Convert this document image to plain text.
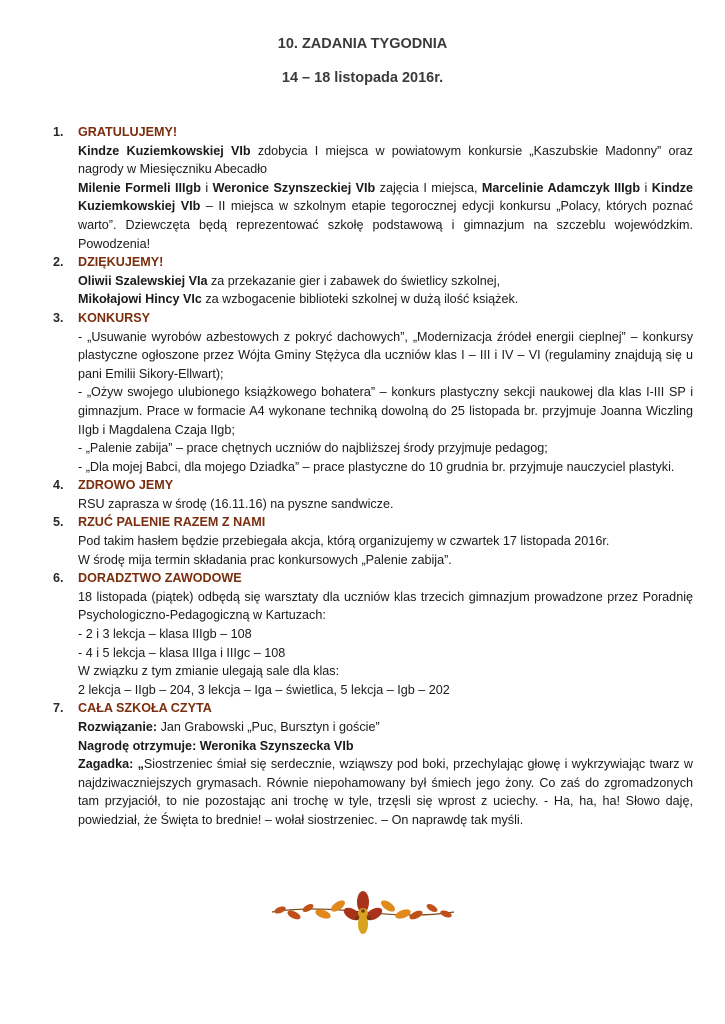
10. ZADANIA TYGODNIA
14 – 18 listopada 2016r.
1. GRATULUJEMY!
Kindze Kuziemkowskiej VIb zdobycia I miejsca w powiatowym konkursie „Kaszubskie Madonny” oraz nagrody w Miesięczniku Abecadło
Milenie Formeli IIIgb i Weronice Szynszeckiej VIb zajęcia I miejsca, Marcelinie Adamczyk IIIgb i Kindze Kuziemkowskiej VIb – II miejsca w szkolnym etapie tegorocznej edycji konkursu „Polacy, których poznać warto”. Dziewczęta będą reprezentować szkołę podstawową i gimnazjum na szczeblu wojewódzkim. Powodzenia!
2. DZIĘKUJEMY!
Oliwii Szalewskiej VIa za przekazanie gier i zabawek do świetlicy szkolnej,
Mikołajowi Hincy VIc za wzbogacenie biblioteki szkolnej w dużą ilość książek.
3. KONKURSY
- „Usuwanie wyrobów azbestowych z pokryć dachowych”, „Modernizacja źródeł energii cieplnej” – konkursy plastyczne ogłoszone przez Wójta Gminy Stężyca dla uczniów klas I – III i IV – VI (regulaminy znajdują się u pani Emilii Sikory-Ellwart);
- „Ożyw swojego ulubionego książkowego bohatera” – konkurs plastyczny sekcji naukowej dla klas I-III SP i gimnazjum. Prace w formacie A4 wykonane techniką dowolną do 25 listopada br. przyjmuje Joanna Wiczling IIgb i Magdalena Czaja IIgb;
- „Palenie zabija” – prace chętnych uczniów do najbliższej środy przyjmuje pedagog;
- „Dla mojej Babci, dla mojego Dziadka” – prace plastyczne do 10 grudnia br. przyjmuje nauczyciel plastyki.
4. ZDROWO JEMY
RSU zaprasza w środę (16.11.16) na pyszne sandwicze.
5. RZUĆ PALENIE RAZEM Z NAMI
Pod takim hasłem będzie przebiegała akcja, którą organizujemy w czwartek 17 listopada 2016r.
W środę mija termin składania prac konkursowych „Palenie zabija”.
6. DORADZTWO ZAWODOWE
18 listopada (piątek) odbędą się warsztaty dla uczniów klas trzecich gimnazjum prowadzone przez Poradnię Psychologiczno-Pedagogiczną w Kartuzach:
- 2 i 3 lekcja – klasa IIIgb – 108
- 4 i 5 lekcja – klasa IIIga i IIIgc – 108
W związku z tym zmianie ulegają sale dla klas:
2 lekcja – IIgb – 204, 3 lekcja – Iga – świetlica, 5 lekcja – Igb – 202
7. CAŁA SZKOŁA CZYTA
Rozwiązanie: Jan Grabowski „Puc, Bursztyn i goście”
Nagrodę otrzymuje: Weronika Szynszecka VIb
Zagadka: „Siostrzeniec śmiał się serdecznie, wziąwszy pod boki, przechylając głowę i wykrzywiając twarz w najdziwaczniejszych grymasach. Równie niepohamowany był śmiech jego żony. Co zaś do zgromadzonych tam przyjaciół, to nie pozostając ani trochę w tyle, trzęsli się wprost z uciechy. - Ha, ha, ha! Słowo daję, powiedział, że Święta to brednie! – wołał siostrzeniec. – On naprawdę tak myśli.
